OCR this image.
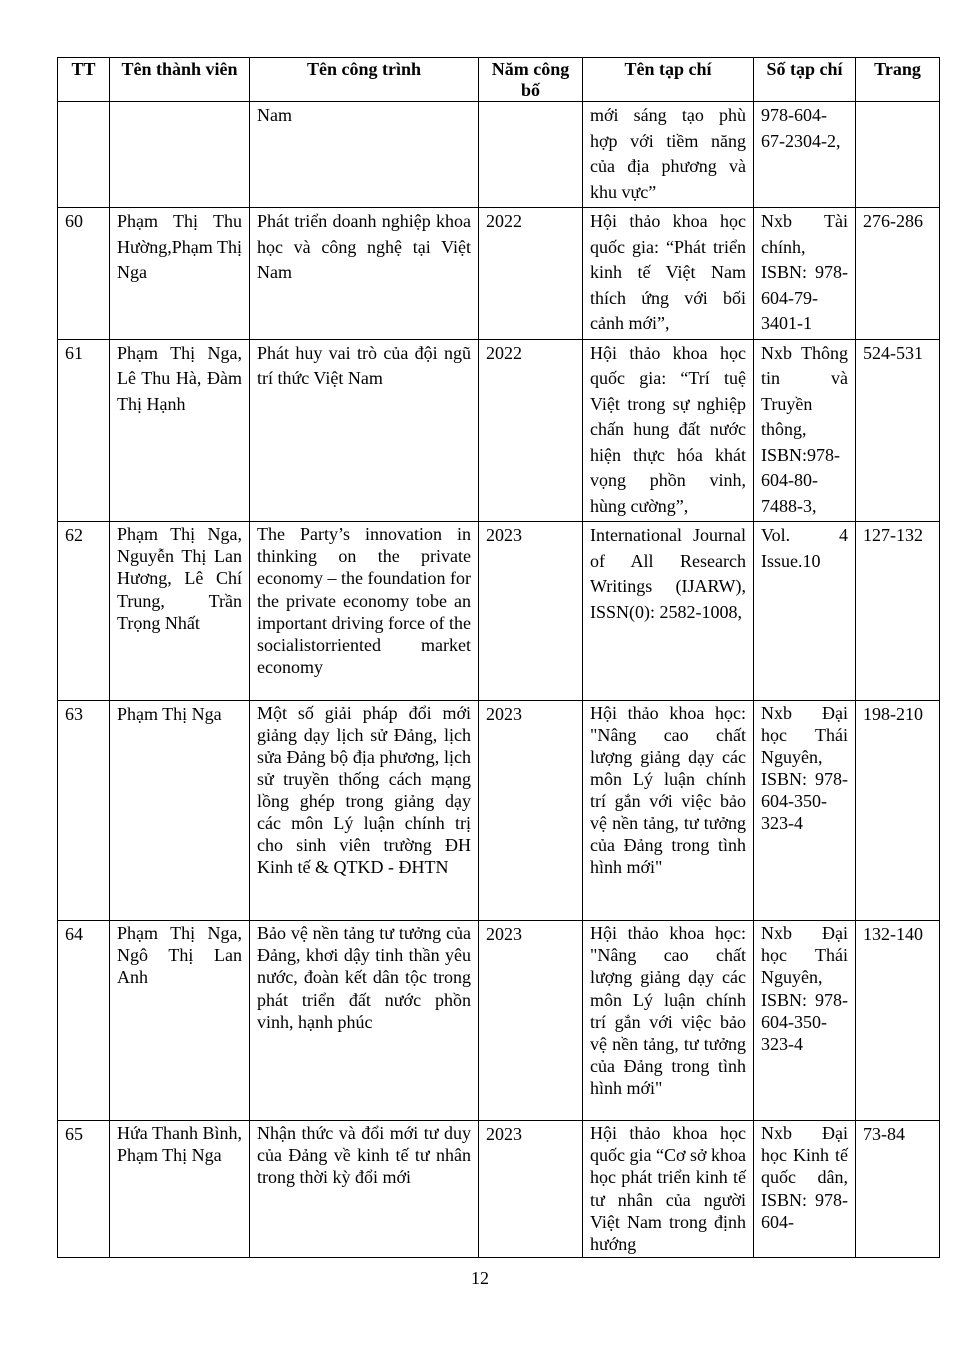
TT	Tên thành viên	Tên công trình	Năm công bố	Tên tạp chí	Số tạp chí	Trang
		Nam		mới sáng tạo phù hợp với tiềm năng của địa phương và khu vực”	978-604-67-2304-2,	
60	Phạm Thị Thu Hường,Phạm Thị Nga	Phát triển doanh nghiệp khoa học và công nghệ tại Việt Nam	2022	Hội thảo khoa học quốc gia: “Phát triển kinh tế Việt Nam thích ứng với bối cảnh mới”,	Nxb Tài chính, ISBN: 978-604-79-3401-1	276-286
61	Phạm Thị Nga, Lê Thu Hà, Đàm Thị Hạnh	Phát huy vai trò của đội ngũ trí thức Việt Nam	2022	Hội thảo khoa học quốc gia: “Trí tuệ Việt trong sự nghiệp chấn hung đất nước hiện thực hóa khát vọng phồn vinh, hùng cường”,	Nxb Thông tin và Truyền thông, ISBN:978-604-80-7488-3,	524-531
62	Phạm Thị Nga, Nguyễn Thị Lan Hương, Lê Chí Trung, Trần Trọng Nhất	The Party’s innovation in thinking on the private economy – the foundation for the private economy tobe an important driving force of the socialistorriented market economy	2023	International Journal of All Research Writings (IJARW), ISSN(0): 2582-1008,	Vol. 4 Issue.10	127-132
63	Phạm Thị Nga	Một số giải pháp đổi mới giảng dạy lịch sử Đảng, lịch sửa Đảng bộ địa phương, lịch sử truyền thống cách mạng lồng ghép trong giảng dạy các môn Lý luận chính trị cho sinh viên trường ĐH Kinh tế & QTKD - ĐHTN	2023	Hội thảo khoa học: "Nâng cao chất lượng giảng dạy các môn Lý luận chính trí gắn với việc bảo vệ nền tảng, tư tưởng của Đảng trong tình hình mới"	Nxb Đại học Thái Nguyên, ISBN: 978-604-350-323-4	198-210
64	Phạm Thị Nga, Ngô Thị Lan Anh	Bảo vệ nền tảng tư tưởng của Đảng, khơi dậy tinh thần yêu nước, đoàn kết dân tộc trong phát triển đất nước phồn vinh, hạnh phúc	2023	Hội thảo khoa học: "Nâng cao chất lượng giảng dạy các môn Lý luận chính trí gắn với việc bảo vệ nền tảng, tư tưởng của Đảng trong tình hình mới"	Nxb Đại học Thái Nguyên, ISBN: 978-604-350-323-4	132-140
65	Hứa Thanh Bình, Phạm Thị Nga	Nhận thức và đổi mới tư duy của Đảng về kinh tế tư nhân trong thời kỳ đổi mới	2023	Hội thảo khoa học quốc gia “Cơ sở khoa học phát triển kinh tế tư nhân của người Việt Nam trong định hướng	Nxb Đại học Kinh tế quốc dân, ISBN: 978-604-	73-84
12
